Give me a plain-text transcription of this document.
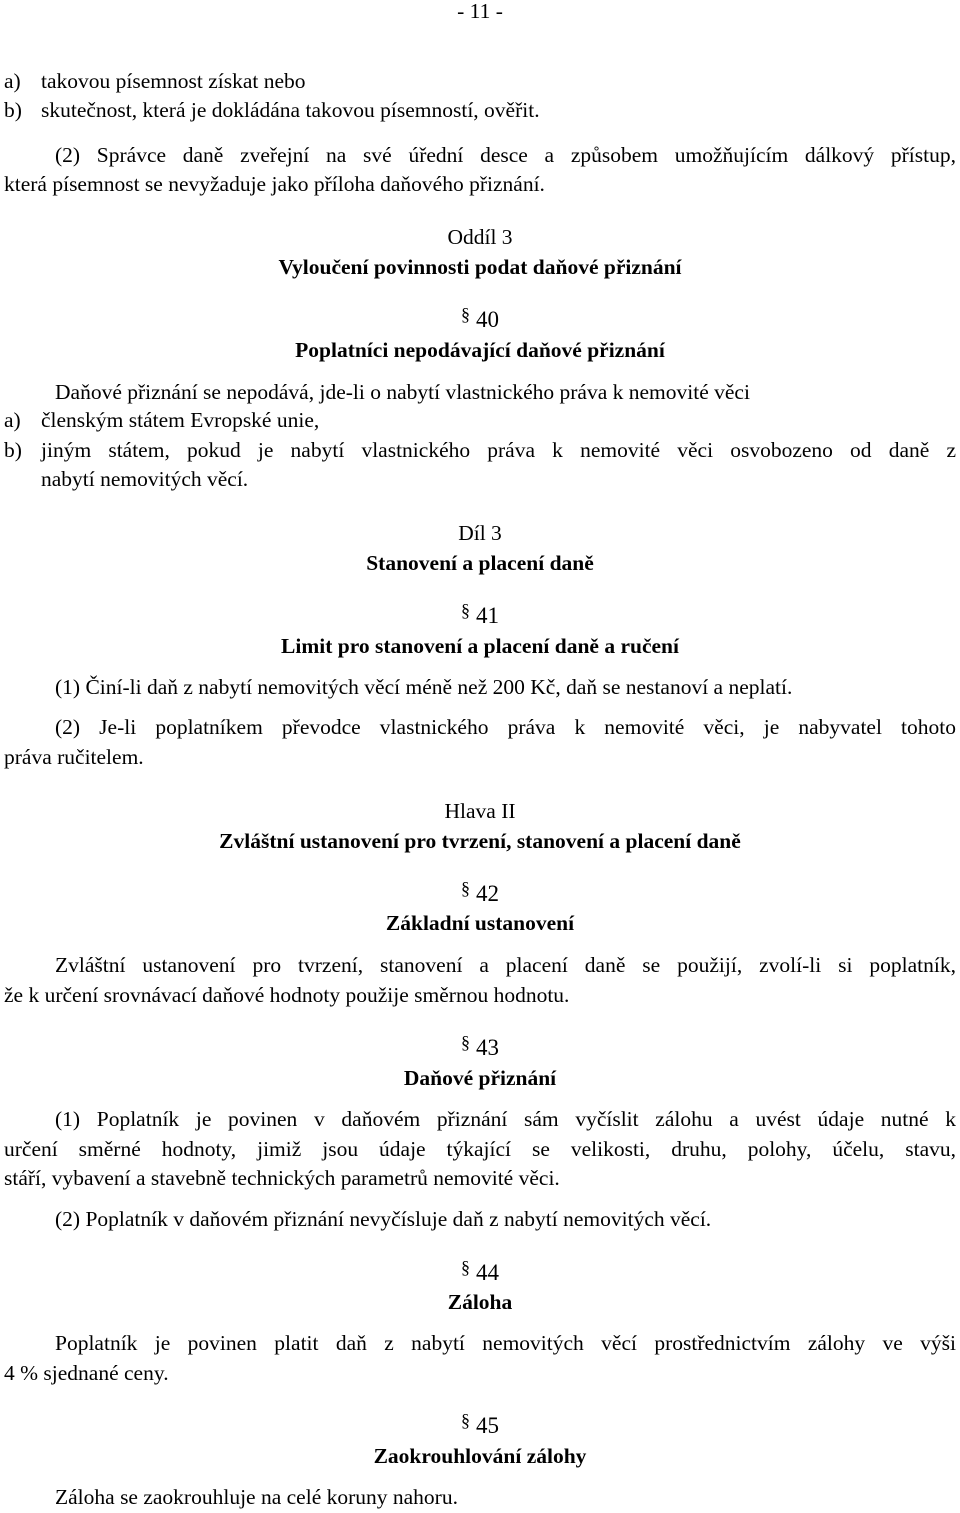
- 11 -
a) takovou písemnost získat nebo
b) skutečnost, která je dokládána takovou písemností, ověřit.
(2) Správce daně zveřejní na své úřední desce a způsobem umožňujícím dálkový přístup,
která písemnost se nevyžaduje jako příloha daňového přiznání.
Oddíl 3
Vyloučení povinnosti podat daňové přiznání
§ 40
Poplatníci nepodávající daňové přiznání
Daňové přiznání se nepodává, jde-li o nabytí vlastnického práva k nemovité věci
a) členským státem Evropské unie,
b) jiným státem, pokud je nabytí vlastnického práva k nemovité věci osvobozeno od daně z
nabytí nemovitých věcí.
Díl 3
Stanovení a placení daně
§ 41
Limit pro stanovení a placení daně a ručení
(1) Činí-li daň z nabytí nemovitých věcí méně než 200 Kč, daň se nestanoví a neplatí.
(2) Je-li poplatníkem převodce vlastnického práva k nemovité věci, je nabyvatel tohoto
práva ručitelem.
Hlava II
Zvláštní ustanovení pro tvrzení, stanovení a placení daně
§ 42
Základní ustanovení
Zvláštní ustanovení pro tvrzení, stanovení a placení daně se použijí, zvolí-li si poplatník,
že k určení srovnávací daňové hodnoty použije směrnou hodnotu.
§ 43
Daňové přiznání
(1) Poplatník je povinen v daňovém přiznání sám vyčíslit zálohu a uvést údaje nutné k
určení směrné hodnoty, jimiž jsou údaje týkající se velikosti, druhu, polohy, účelu, stavu,
stáří, vybavení a stavebně technických parametrů nemovité věci.
(2) Poplatník v daňovém přiznání nevyčísluje daň z nabytí nemovitých věcí.
§ 44
Záloha
Poplatník je povinen platit daň z nabytí nemovitých věcí prostřednictvím zálohy ve výši
4 % sjednané ceny.
§ 45
Zaokrouhlování zálohy
Záloha se zaokrouhluje na celé koruny nahoru.
